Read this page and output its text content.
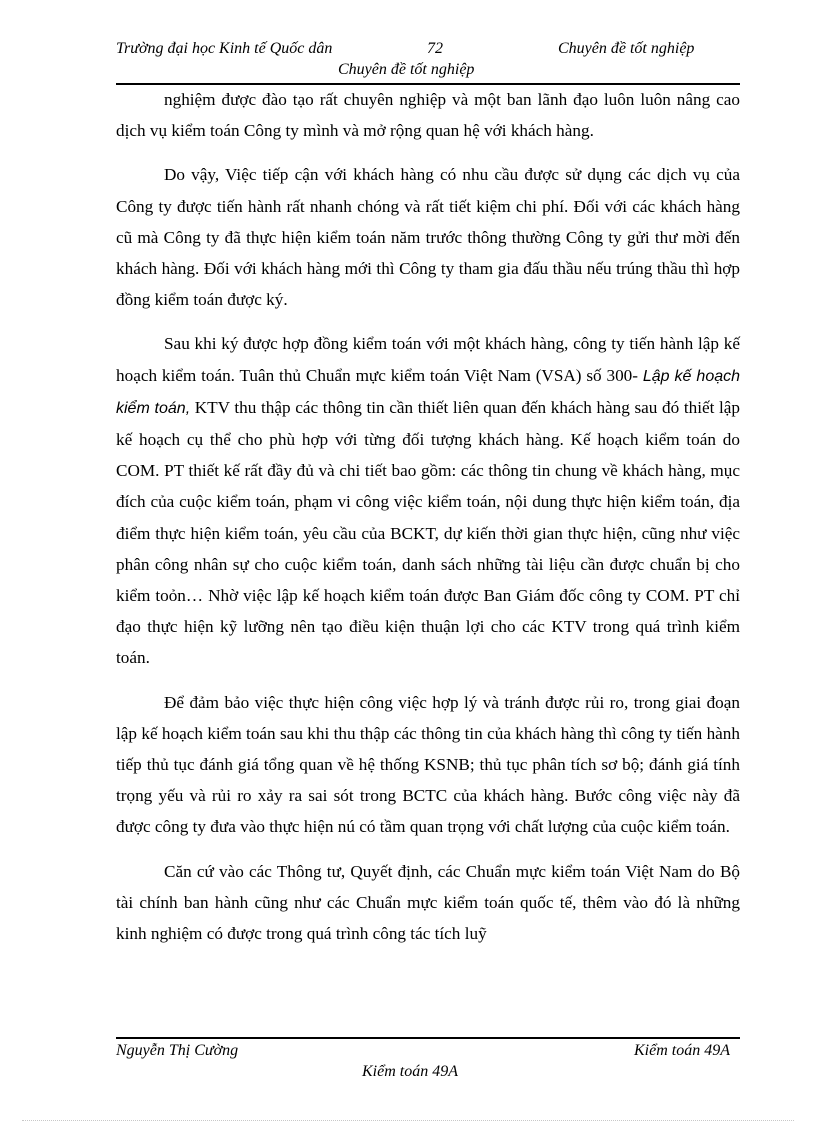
Trường đại học Kinh tế Quốc dân	72	Chuyên đề tốt nghiệp
Chuyên đề tốt nghiệp

nghiệm được đào tạo rất chuyên nghiệp và một ban lãnh đạo luôn luôn nâng cao dịch vụ kiểm toán Công ty mình và mở rộng quan hệ với khách hàng.

Do vậy, Việc tiếp cận với khách hàng có nhu cầu được sử dụng các dịch vụ của Công ty được tiến hành rất nhanh chóng và rất tiết kiệm chi phí. Đối với các khách hàng cũ mà Công ty đã thực hiện kiểm toán năm trước thông thường Công ty gửi thư mời đến khách hàng. Đối với khách hàng mới thì Công ty tham gia đấu thầu nếu trúng thầu thì hợp đồng kiểm toán được ký.

Sau khi ký được hợp đồng kiểm toán với một khách hàng, công ty tiến hành lập kế hoạch kiểm toán. Tuân thủ Chuẩn mực kiểm toán Việt Nam (VSA) số 300- Lập kế hoạch kiểm toán, KTV thu thập các thông tin cần thiết liên quan đến khách hàng sau đó thiết lập kế hoạch cụ thể cho phù hợp với từng đối tượng khách hàng. Kế hoạch kiểm toán do COM. PT thiết kế rất đầy đủ và chi tiết bao gồm: các thông tin chung về khách hàng, mục đích của cuộc kiểm toán, phạm vi công việc kiểm toán, nội dung thực hiện kiểm toán, địa điểm thực hiện kiểm toán, yêu cầu của BCKT, dự kiến thời gian thực hiện, cũng như việc phân công nhân sự cho cuộc kiểm toán, danh sách những tài liệu cần được chuẩn bị cho kiểm toỏn… Nhờ việc lập kế hoạch kiểm toán được Ban Giám đốc công ty COM. PT chỉ đạo thực hiện kỹ lưỡng nên tạo điều kiện thuận lợi cho các KTV trong quá trình kiểm toán.

Để đảm bảo việc thực hiện công việc hợp lý và tránh được rủi ro, trong giai đoạn lập kế hoạch kiểm toán sau khi thu thập các thông tin của khách hàng thì công ty tiến hành tiếp thủ tục đánh giá tổng quan về hệ thống KSNB; thủ tục phân tích sơ bộ; đánh giá tính trọng yếu và rủi ro xảy ra sai sót trong BCTC của khách hàng. Bước công việc này đã được công ty đưa vào thực hiện nú có tầm quan trọng với chất lượng của cuộc kiểm toán.

Căn cứ vào các Thông tư, Quyết định, các Chuẩn mực kiểm toán Việt Nam do Bộ tài chính ban hành cũng như các Chuẩn mực kiểm toán quốc tế, thêm vào đó là những kinh nghiệm có được trong quá trình công tác tích luỹ

Nguyễn Thị Cường	Kiểm toán 49A
Kiểm toán 49A
